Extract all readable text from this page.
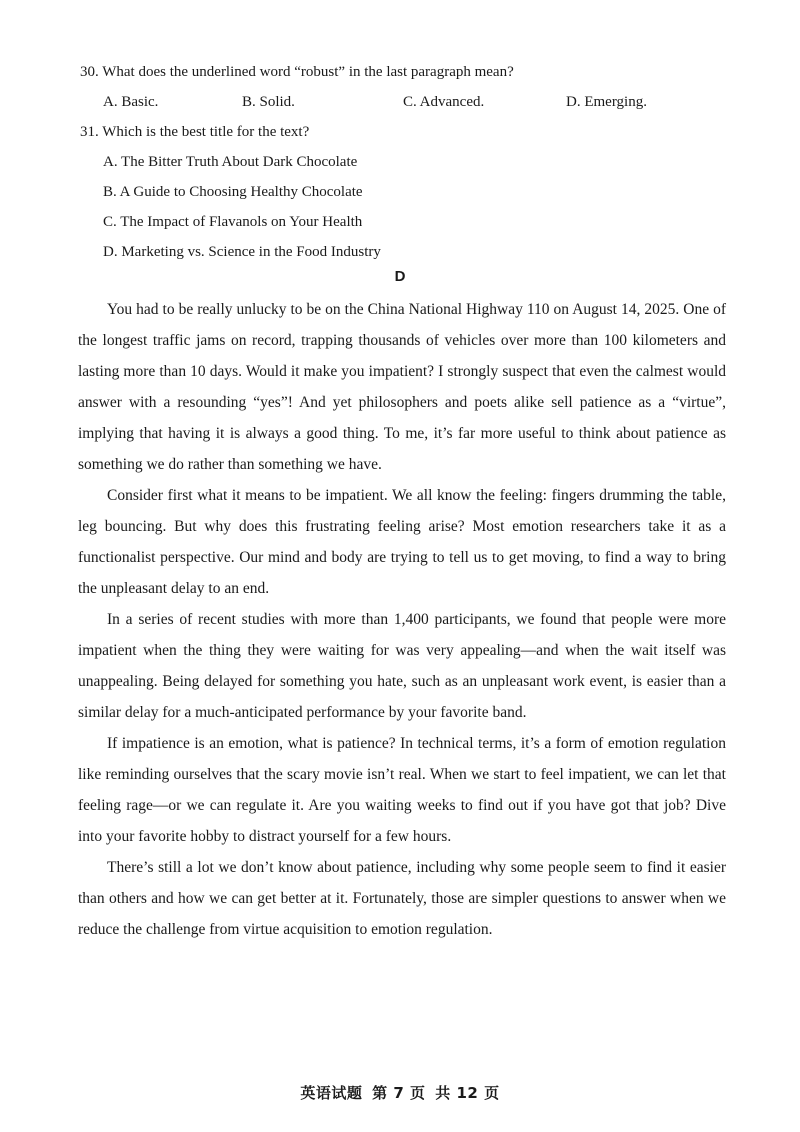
30. What does the underlined word “robust” in the last paragraph mean?
A. Basic.	B. Solid.	C. Advanced.	D. Emerging.
31. Which is the best title for the text?
A. The Bitter Truth About Dark Chocolate
B. A Guide to Choosing Healthy Chocolate
C. The Impact of Flavanols on Your Health
D. Marketing vs. Science in the Food Industry
D

You had to be really unlucky to be on the China National Highway 110 on August 14, 2025. One of the longest traffic jams on record, trapping thousands of vehicles over more than 100 kilometers and lasting more than 10 days. Would it make you impatient? I strongly suspect that even the calmest would answer with a resounding “yes”! And yet philosophers and poets alike sell patience as a “virtue”, implying that having it is always a good thing. To me, it’s far more useful to think about patience as something we do rather than something we have.

Consider first what it means to be impatient. We all know the feeling: fingers drumming the table, leg bouncing. But why does this frustrating feeling arise? Most emotion researchers take it as a functionalist perspective. Our mind and body are trying to tell us to get moving, to find a way to bring the unpleasant delay to an end.

In a series of recent studies with more than 1,400 participants, we found that people were more impatient when the thing they were waiting for was very appealing—and when the wait itself was unappealing. Being delayed for something you hate, such as an unpleasant work event, is easier than a similar delay for a much-anticipated performance by your favorite band.

If impatience is an emotion, what is patience? In technical terms, it’s a form of emotion regulation like reminding ourselves that the scary movie isn’t real. When we start to feel impatient, we can let that feeling rage—or we can regulate it. Are you waiting weeks to find out if you have got that job? Dive into your favorite hobby to distract yourself for a few hours.

There’s still a lot we don’t know about patience, including why some people seem to find it easier than others and how we can get better at it. Fortunately, those are simpler questions to answer when we reduce the challenge from virtue acquisition to emotion regulation.

英语试题 第 7 页 共 12 页
